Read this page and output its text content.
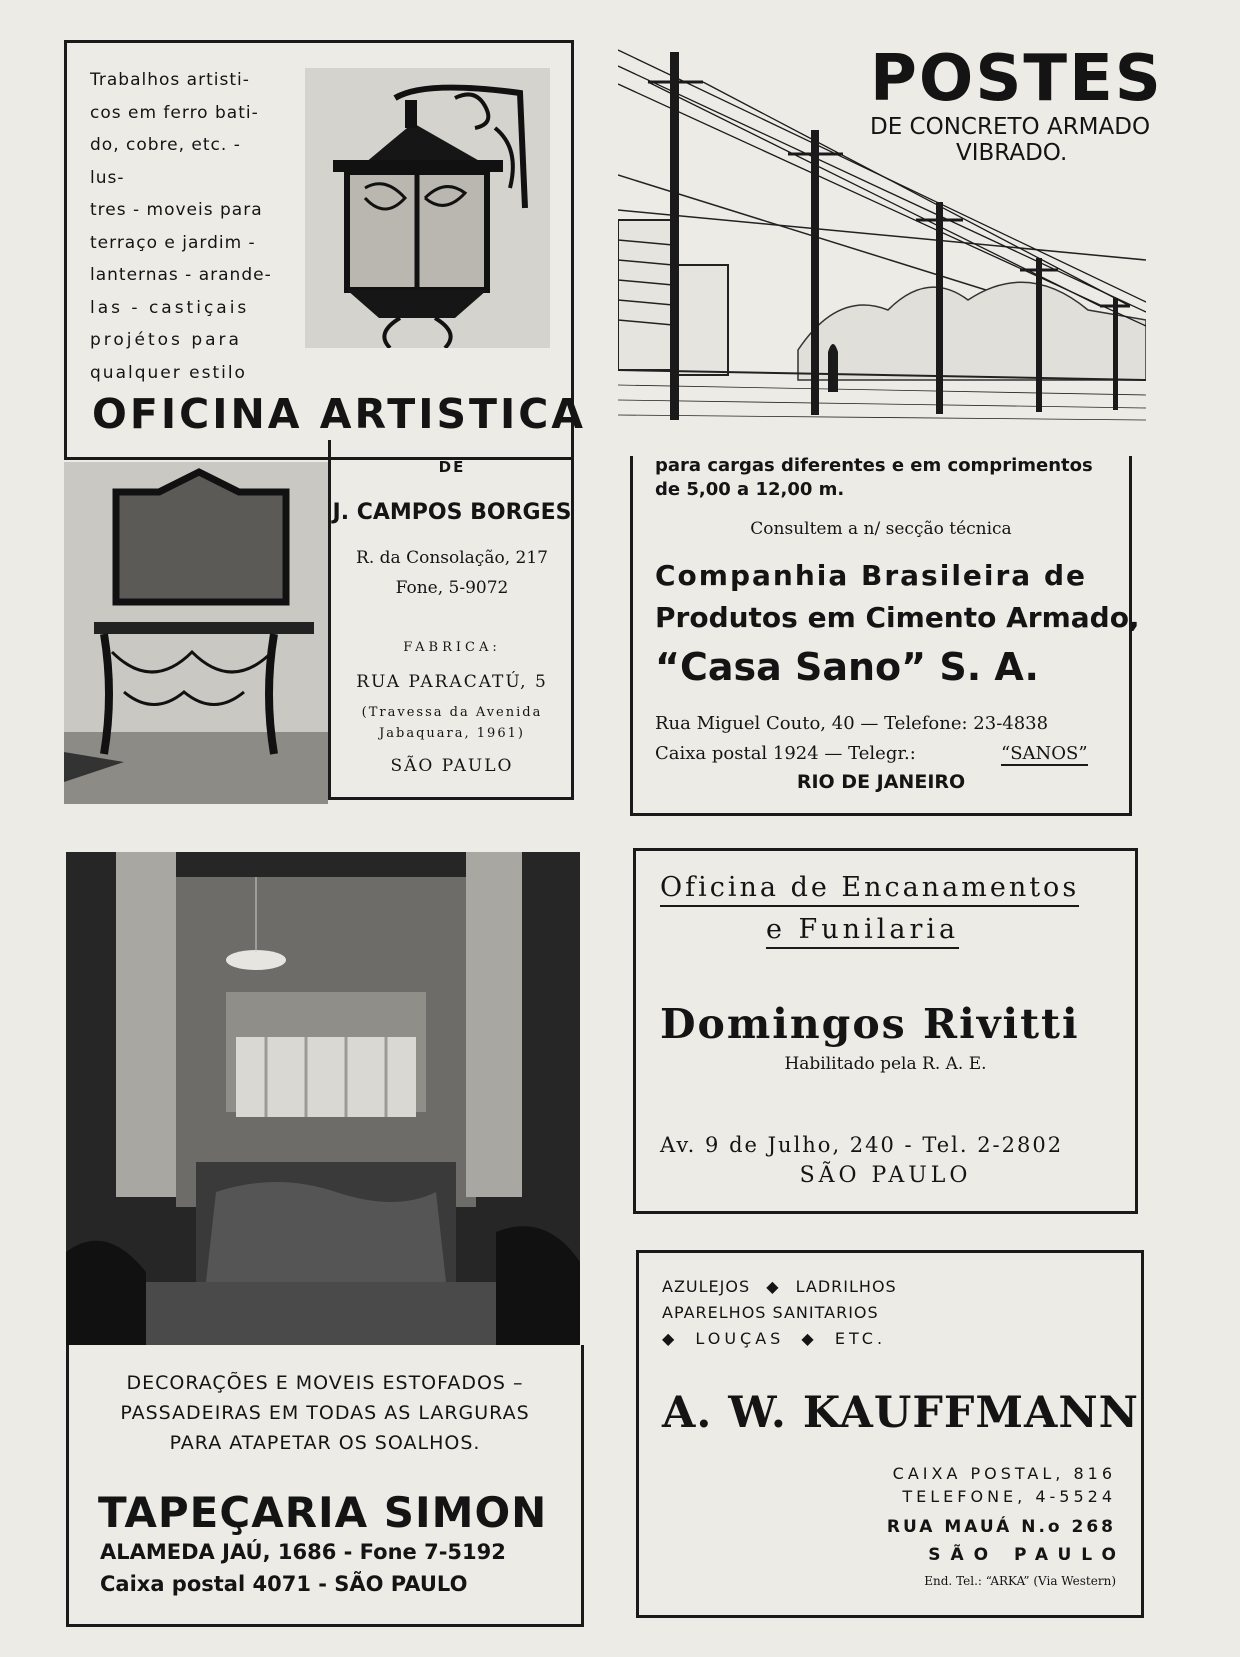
Trabalhos artisti-
cos em ferro bati-
do, cobre, etc. - lus-
tres - moveis para
terraço e jardim -
lanternas - arande-
las - castiçais
projétos para
qualquer estilo
OFICINA ARTISTICA

DE

J. CAMPOS BORGES

R. da Consolação, 217

Fone, 5-9072

FABRICA:

RUA PARACATÚ, 5

(Travessa da Avenida

Jabaquara, 1961)

SÃO PAULO

POSTES

DE CONCRETO ARMADO

VIBRADO.

para cargas diferentes e em comprimentos

de 5,00 a 12,00 m.

Consultem a n/ secção técnica

Companhia Brasileira de

Produtos em Cimento Armado,

“Casa Sano” S. A.

Rua Miguel Couto, 40 — Telefone: 23-4838

Caixa postal 1924 — Telegr.:	“SANOS”

RIO DE JANEIRO

DECORAÇÕES E MOVEIS ESTOFADOS –

PASSADEIRAS EM TODAS AS LARGURAS

PARA ATAPETAR OS SOALHOS.

TAPEÇARIA SIMON

ALAMEDA JAÚ, 1686 - Fone 7-5192

Caixa postal 4071 - SÃO PAULO

Oficina de Encanamentos

e Funilaria

Domingos Rivitti

Habilitado pela R. A. E.

Av. 9 de Julho, 240 - Tel. 2-2802

SÃO PAULO

AZULEJOS ◆ LADRILHOS
APARELHOS SANITARIOS
◆ LOUÇAS ◆ ETC.
A. W. KAUFFMANN

CAIXA POSTAL, 816

TELEFONE, 4-5524

RUA MAUÁ N.o 268

SÃO PAULO

End. Tel.: “ARKA” (Via Western)
